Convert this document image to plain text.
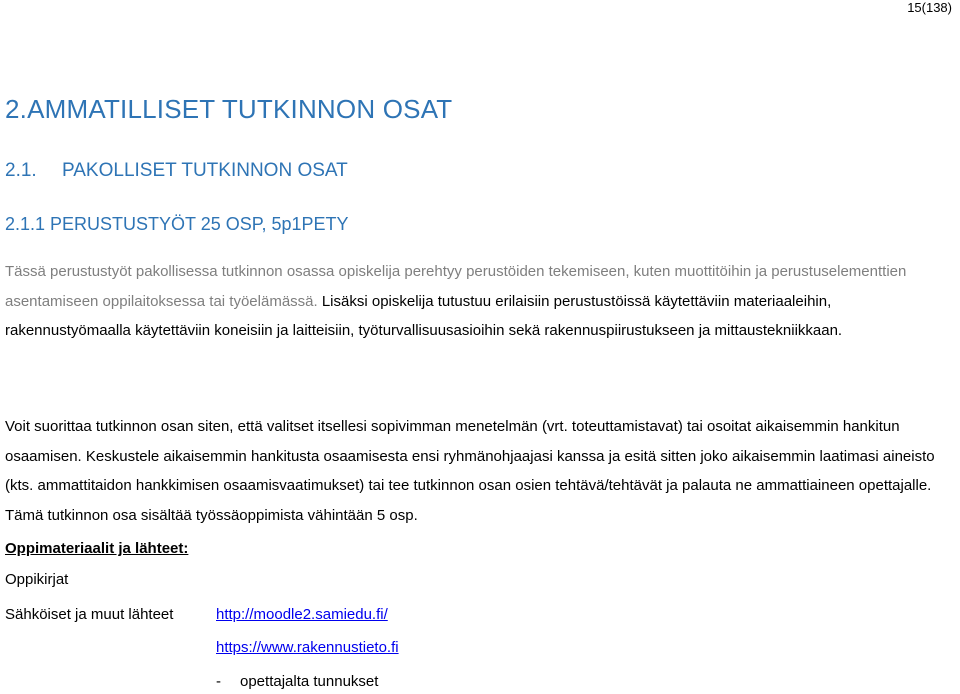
15(138)
2.AMMATILLISET TUTKINNON OSAT
2.1. PAKOLLISET TUTKINNON OSAT
2.1.1 PERUSTUSTYÖT 25 OSP, 5p1PETY
Tässä perustustyöt pakollisessa tutkinnon osassa opiskelija perehtyy perustöiden tekemiseen, kuten muottitöihin ja perustuselementtien asentamiseen oppilaitoksessa tai työelämässä. Lisäksi opiskelija tutustuu erilaisiin perustustöissä käytettäviin materiaaleihin, rakennustyömaalla käytettäviin koneisiin ja laitteisiin, työturvallisuusasioihin sekä rakennuspiirustukseen ja mittaustekniikkaan.
Voit suorittaa tutkinnon osan siten, että valitset itsellesi sopivimman menetelmän (vrt. toteuttamistavat) tai osoitat aikaisemmin hankitun osaamisen. Keskustele aikaisemmin hankitusta osaamisesta ensi ryhmänohjaajasi kanssa ja esitä sitten joko aikaisemmin laatimasi aineisto (kts. ammattitaidon hankkimisen osaamisvaatimukset) tai tee tutkinnon osan osien tehtävä/tehtävät ja palauta ne ammattiaineen opettajalle. Tämä tutkinnon osa sisältää työssäoppimista vähintään 5 osp.
Oppimateriaalit ja lähteet:
Oppikirjat
Sähköiset ja muut lähteet	http://moodle2.samiedu.fi/
https://www.rakennustieto.fi
- opettajalta tunnukset
